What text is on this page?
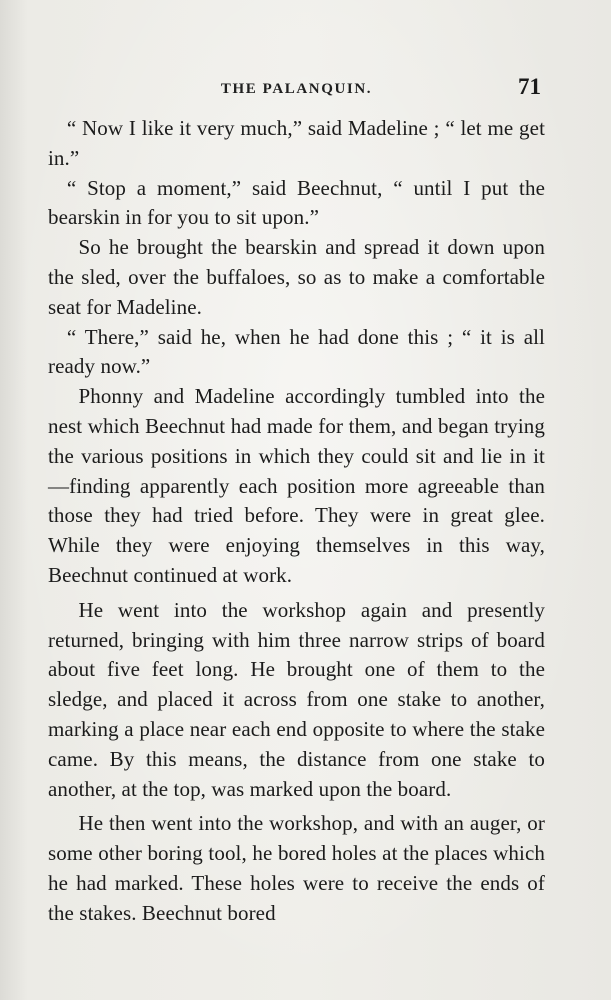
THE PALANQUIN.	71

“ Now I like it very much,” said Madeline ; “ let me get in.”

“ Stop a moment,” said Beechnut, “ until I put the bearskin in for you to sit upon.”

So he brought the bearskin and spread it down upon the sled, over the buffaloes, so as to make a comfortable seat for Madeline.

“ There,” said he, when he had done this ; “ it is all ready now.”

Phonny and Madeline accordingly tumbled into the nest which Beechnut had made for them, and began trying the various positions in which they could sit and lie in it—finding apparently each position more agreeable than those they had tried before. They were in great glee. While they were enjoying themselves in this way, Beechnut continued at work.

He went into the workshop again and presently returned, bringing with him three narrow strips of board about five feet long. He brought one of them to the sledge, and placed it across from one stake to another, marking a place near each end opposite to where the stake came. By this means, the distance from one stake to another, at the top, was marked upon the board.

He then went into the workshop, and with an auger, or some other boring tool, he bored holes at the places which he had marked. These holes were to receive the ends of the stakes. Beechnut bored
